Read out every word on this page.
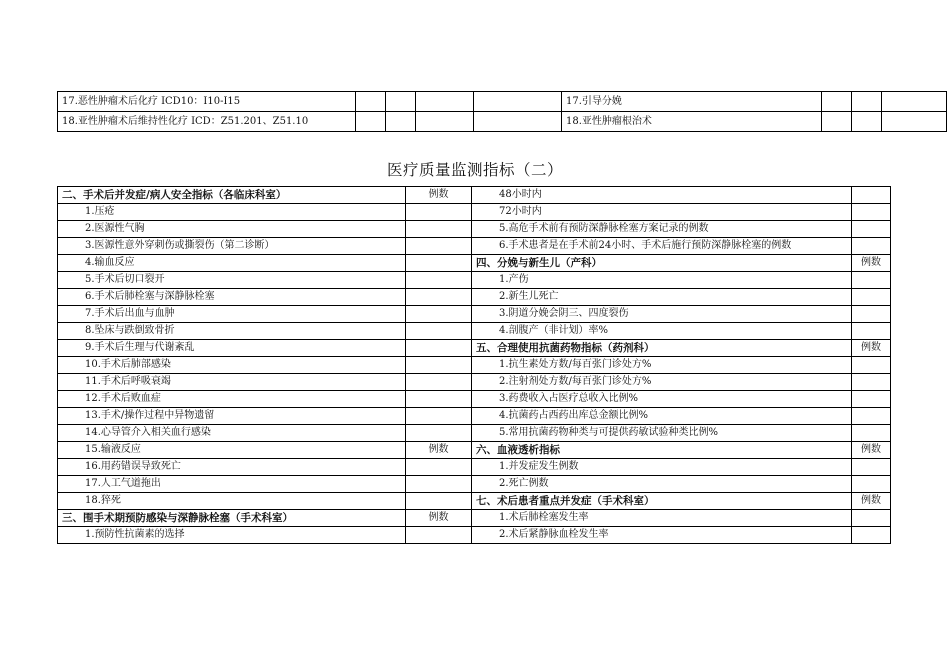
17.恶性肿瘤术后化疗 ICD10：I10-I15					17.引导分娩			
18.亚性肿瘤术后维持性化疗 ICD：Z51.201、Z51.10					18.亚性肿瘤根治术			
医疗质量监测指标（二）
二、手术后并发症/病人安全指标（各临床科室）	例数	48小时内	
1.压疮		72小时内	
2.医源性气胸		5.高危手术前有预防深静脉栓塞方案记录的例数	
3.医源性意外穿刺伤或撕裂伤（第二诊断）		6.手术患者是在手术前24小时、手术后施行预防深静脉栓塞的例数	
4.输血反应		四、分娩与新生儿（产科）	例数
5.手术后切口裂开		1.产伤	
6.手术后肺栓塞与深静脉栓塞		2.新生儿死亡	
7.手术后出血与血肿		3.阴道分娩会阴三、四度裂伤	
8.坠床与跌倒致骨折		4.剖腹产（非计划）率%	
9.手术后生理与代谢紊乱		五、合理使用抗菌药物指标（药剂科）	例数
10.手术后肺部感染		1.抗生素处方数/每百张门诊处方%	
11.手术后呼吸衰竭		2.注射剂处方数/每百张门诊处方%	
12.手术后败血症		3.药费收入占医疗总收入比例%	
13.手术/操作过程中异物遗留		4.抗菌药占西药出库总金额比例%	
14.心导管介入相关血行感染		5.常用抗菌药物种类与可提供药敏试验种类比例%	
15.输液反应	例数	六、血液透析指标	例数
16.用药错误导致死亡		1.并发症发生例数	
17.人工气道拖出		2.死亡例数	
18.猝死		七、术后患者重点并发症（手术科室）	例数
三、围手术期预防感染与深静脉栓塞（手术科室）	例数	1.术后肺栓塞发生率	
1.预防性抗菌素的选择		2.术后紧静脉血栓发生率	
